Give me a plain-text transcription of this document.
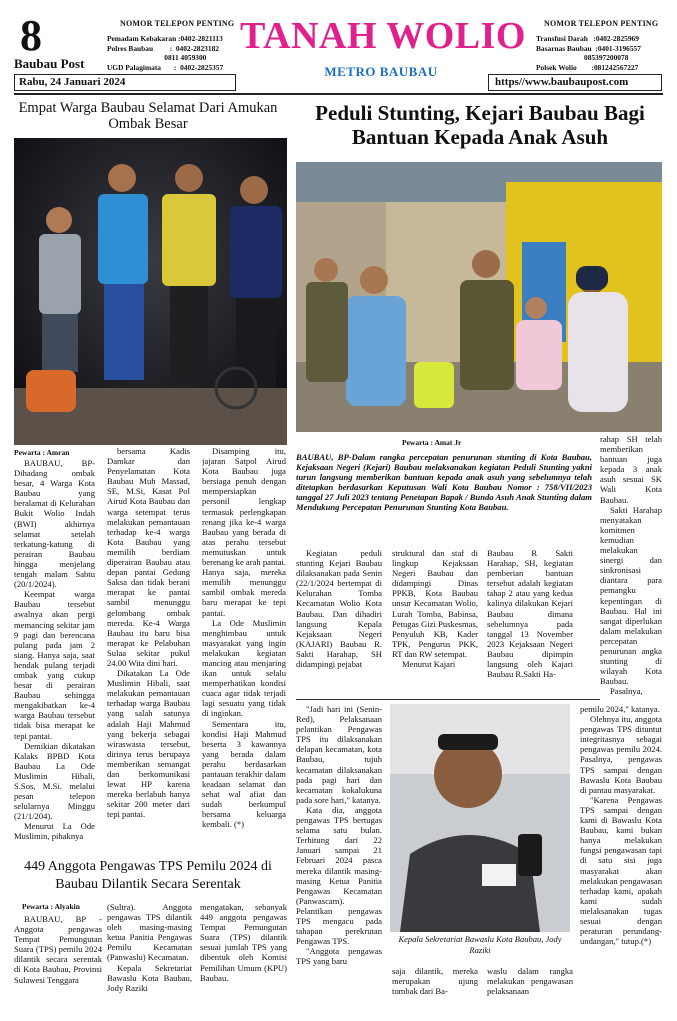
8
Baubau Post
NOMOR TELEPON PENTING
Pemadam Kebakaran :0402-2821113
Polres Baubau         :  0402-2823182
0811 4059300
UGD Palagimata       :  0402-2825357
TANAH WOLIO
METRO BAUBAU
NOMOR TELEPON PENTING
Transfusi Darah   :0402-2825969
Basarnas Baubau  :0401-3196557
085397200078
Polsek Wolio        :081242567227
Rabu, 24 Januari 2024	https//www.baubaupost.com
Empat Warga Baubau Selamat Dari Amukan Ombak Besar
Pewarta : Amran

BAUBAU, BP-Dihadang ombak besar, 4 Warga Kota Baubau yang beralamat di Kelurahan Bukit Wolio Indah (BWI) akhirnya selamat setelah terkatung-katung di perairan Baubau hingga menjelang tengah malam Sabtu (20/1/2024).

Keempat warga Baubau tersebut awalnya akan pergi memancing sekitar jam 9 pagi dan berencana pulang pada jam 2 siang. Hanya saja, saat hendak pulang terjadi ombak yang cukup besar di perairan Baubau sehingga mengakibatkan ke-4 warga Baubau tersebut tidak bisa merapat ke tepi pantai.

Demikian dikatakan Kalaks BPBD Kota Baubau La Ode Muslimin Hibali, S.Sos, M.Si. melalui pesan telepon selularnya Minggu (21/1/204).

Menurut La Ode Muslimin, pihaknya

bersama Kadis Damkar dan Penyelamatan Kota Baubau Muh Massad, SE, M.Si, Kasat Pol Airud Kota Baubau dan warga setempat terus melakukan pemantauan terhadap ke-4 warga Kota Baubau yang memilih berdiam diperairan Baubau atau depan pantai Gedung Saksa dan tidak berani merapat ke pantai sambil menunggu gelombang ombak mereda. Ke-4 Warga Baubau itu baru bisa merapat ke Pelabuhan Sulaa sekitar pukul 24.00 Wita dini hari.

Dikatakan La Ode Muslimin Hibali, saat melakukan pemantauan terhadap warga Baubau yang salah satunya adalah Haji Mahmud yang bekerja sebagai wiraswasta tersebut, dirinya terus berupaya memberikan semangat dan berkomunikasi lewat HP karena mereka berlabuh hanya sekitar 200 meter dari tepi pantai.

Disamping itu, jajaran Satpol Airud Kota Baubau juga bersiaga penuh dengan mempersiapkan personil lengkap termasuk perlengkapan renang jika ke-4 warga Baubau yang berada di atas perahu tersebut memutuskan untuk berenang ke arah pantai. Hanya saja, mereka memilih menunggu sambil ombak mereda baru merapat ke tepi pantai.

La Ode Muslimin menghimbau untuk masyarakat yang ingin melakukan kegiatan mancing atau menjaring ikan untuk selalu memperhatikan kondisi cuaca agar tidak terjadi lagi sesuatu yang tidak di inginkan.

Sementara itu, kondisi Haji Mahmud beserta 3 kawannya yang berada dalam perahu berdasarkan pantauan terakhir dalam keadaan selamat dan sehat wal afiat dan sudah berkumpul bersama keluarga kembali. (*)

449 Anggota Pengawas TPS Pemilu 2024 di Baubau Dilantik Secara Serentak
Pewarta : Alyakin

BAUBAU, BP - Anggota pengawas Tempat Pemungutan Suara (TPS) pemilu 2024 dilantik secara serentak di Kota Baubau, Provinsi Sulawesi Tenggara

(Sultra). Anggota pengawas TPS dilantik oleh masing-masing ketua Panitia Pengawas Pemilu Kecamatan (Panwaslu) Kecamatan.

Kepala Sekretariat Bawaslu Kota Baubau, Jody Raziki

mengatakan, sebanyak 449 anggota pengawas Tempat Pemungutan Suara (TPS) dilantik sesuai jumlah TPS yang dibentuk oleh Komisi Pemilihan Umum (KPU) Baubau.

Peduli Stunting, Kejari Baubau Bagi Bantuan Kepada Anak Asuh
Pewarta : Amat Jr
BAUBAU, BP-Dalam rangka percepatan penurunan stunting di Kota Baubau, Kejaksaan Negeri (Kejari) Baubau melaksanakan kegiatan Peduli Stunting yakni turun langsung memberikan bantuan kepada anak asuh yang sebelumnya telah ditetapkan berdasarkan Keputusan Wali Kota Baubau Nomor : 758/VII/2023 tanggal 27 Juli 2023 tentang Penetapan Bapak / Bunda Asuh Anak Stunting dalam Mendukung Percepatan Penurunan Stunting Kota Baubau.

Kegiatan peduli stunting Kejari Baubau dilaksanakan pada Senin (22/1/2024 bertempat di Kelurahan Tomba Kecamatan Wolio Kota Baubau. Dan dihadiri langsung Kepala Kejaksaan Negeri (KAJARI) Baubau R. Sakti Harahap, SH didampingi pejabat

struktural dan staf di lingkup Kejaksaan Negeri Baubau dan didampingi Dinas PPKB, Kota Baubau unsur Kecamatan Wolio, Lurah Tomba, Babinsa, Petugas Gizi Puskesmas, Penyuluh KB, Kader TPK, Pengurus PKK, RT dan RW setempat.

Menurut Kajari

Baubau R Sakti Harahap, SH, kegiatan pemberian bantuan tersebut adalah kegiatan tahap 2 atau yang kedua kalinya dilakukan Kejari Baubau dimana sebelumnya pada tanggal 13 November 2023 Kejaksaan Negeri Baubau dipimpin langsung oleh Kajari Baubau R.Sakti Ha-

rahap SH telah memberikan bantuan juga kepada 3 anak asuh sesuai SK Wali Kota Baubau.

Sakti Harahap menyatakan komitmen kemudian melakukan sinergi dan sinkronisasi diantara para pemangku kepentingan di Baubau. Hal ini sangat diperlukan dalam melakukan percepatan penurunan angka stunting di wilayah Kota Baubau.

Pasalnya,

"Jadi hari ini (Senin-Red), Pelaksanaan pelantikan Pengawas TPS itu dilaksanakan delapan kecamatan, kota Baubau, tujuh kecamatan dilaksanakan pada pagi hari dan kecamatan kokalukuna pada sore hari," katanya.

Kata dia, anggota pengawas TPS bertugas selama satu bulan. Terhitung dari 22 Januari sampai 21 Februari 2024 pasca mereka dilantik masing- masing Ketua Panitia Pengawas Kecamatan (Panwascam). Pelantikan pengawas TPS mengacu pada tahapan perekrutan Pengawas TPS.

"Anggota pengawas TPS yang baru

Kepala Sekretariat Bawaslu Kota Baubau, Jody Raziki

saja dilantik, mereka merupakan ujung tombak dari Ba-

waslu dalam rangka melakukan pengawasan pelaksanaan

pemilu 2024," katanya.

Olehnya itu, anggota pengawas TPS dituntut integritasnya sebagai pengawas pemilu 2024. Pasalnya, pengawas TPS sampai dengan Bawaslu Kota Baubau di pantau masyarakat.

"Karena Pengawas TPS sampai dengan kami di Bawaslu Kota Baubau, kami bukan hanya melakukan fungsi pengawasan tapi di satu sisi juga masyarakat akan melakukan pengawasan terhadap kami, apakah kami sudah melaksanakan tugas sesuai dengan peraturan perundang-undangan," tutup.(*)
